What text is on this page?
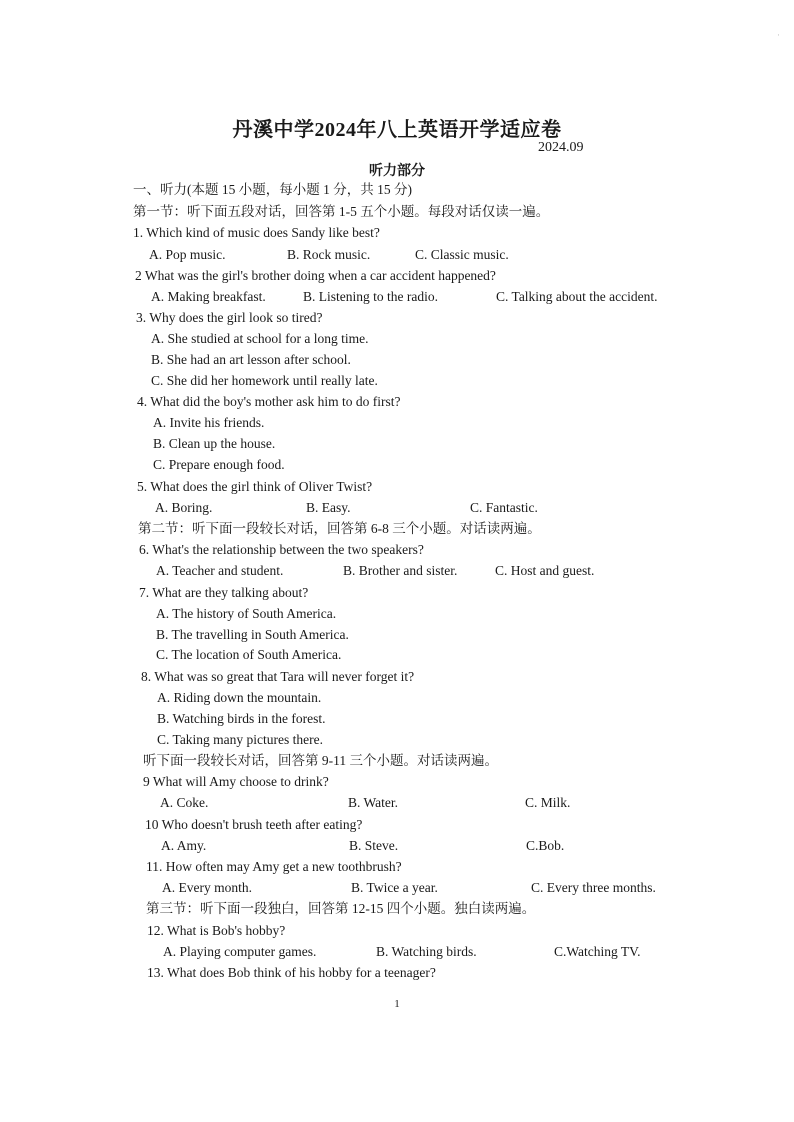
·
丹溪中学2024年八上英语开学适应卷
2024.09
听力部分
一、听力(本题 15 小题，每小题 1 分，共 15 分)
第一节：听下面五段对话，回答第 1-5 五个小题。每段对话仅读一遍。
1. Which kind of music does Sandy like best?
A. Pop music.	B. Rock music.	C. Classic music.
2 What was the girl's brother doing when a car accident happened?
A. Making breakfast.	B. Listening to the radio.	C. Talking about the accident.
3. Why does the girl look so tired?
A. She studied at school for a long time.
B. She had an art lesson after school.
C. She did her homework until really late.
4. What did the boy's mother ask him to do first?
A. Invite his friends.
B. Clean up the house.
C. Prepare enough food.
5. What does the girl think of Oliver Twist?
A. Boring.	B. Easy.	C. Fantastic.
第二节：听下面一段较长对话，回答第 6-8 三个小题。对话读两遍。
6. What's the relationship between the two speakers?
A. Teacher and student.	B. Brother and sister.	C. Host and guest.
7. What are they talking about?
A. The history of South America.
B. The travelling in South America.
C. The location of South America.
8. What was so great that Tara will never forget it?
A. Riding down the mountain.
B. Watching birds in the forest.
C. Taking many pictures there.
听下面一段较长对话，回答第 9-11 三个小题。对话读两遍。
9 What will Amy choose to drink?
A. Coke.	B. Water.	C. Milk.
10 Who doesn't brush teeth after eating?
A. Amy.	B. Steve.	C.Bob.
11. How often may Amy get a new toothbrush?
A. Every month.	B. Twice a year.	C. Every three months.
第三节：听下面一段独白，回答第 12-15 四个小题。独白读两遍。
12. What is Bob's hobby?
A. Playing computer games.	B. Watching birds.	C.Watching TV.
13. What does Bob think of his hobby for a teenager?
1
